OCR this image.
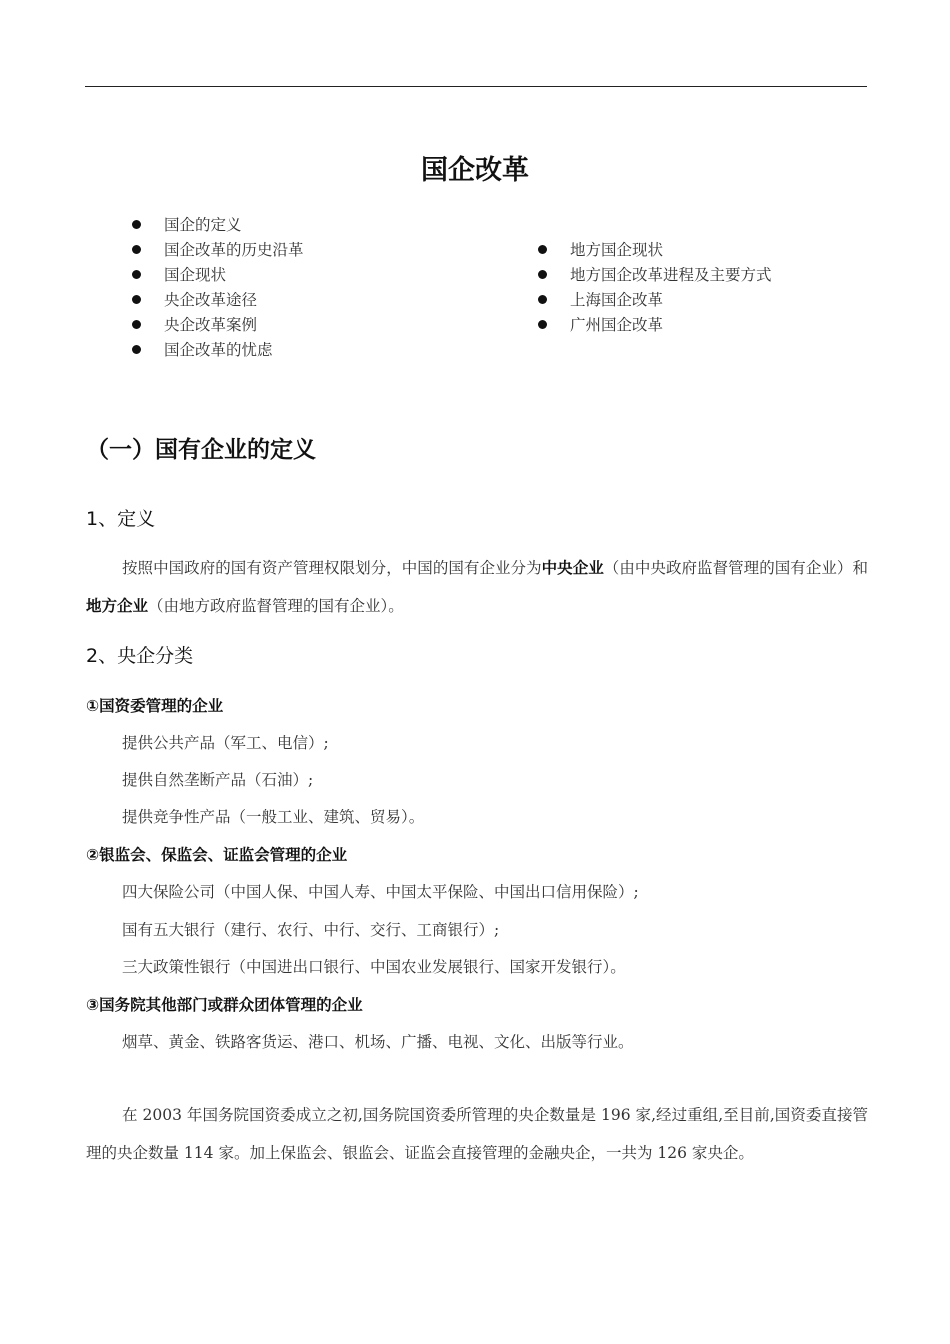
国企改革
国企的定义
国企改革的历史沿革
国企现状
央企改革途径
央企改革案例
国企改革的忧虑
地方国企现状
地方国企改革进程及主要方式
上海国企改革
广州国企改革
（一）国有企业的定义
1、定义

按照中国政府的国有资产管理权限划分，中国的国有企业分为中央企业（由中央政府监督管理的国有企业）和地方企业（由地方政府监督管理的国有企业）。

2、央企分类
①国资委管理的企业
提供公共产品（军工、电信）;
提供自然垄断产品（石油）;
提供竞争性产品（一般工业、建筑、贸易）。
②银监会、保监会、证监会管理的企业
四大保险公司（中国人保、中国人寿、中国太平保险、中国出口信用保险）;
国有五大银行（建行、农行、中行、交行、工商银行）;
三大政策性银行（中国进出口银行、中国农业发展银行、国家开发银行）。
③国务院其他部门或群众团体管理的企业
烟草、黄金、铁路客货运、港口、机场、广播、电视、文化、出版等行业。

在 2003 年国务院国资委成立之初,国务院国资委所管理的央企数量是 196 家,经过重组,至目前,国资委直接管理的央企数量 114 家。加上保监会、银监会、证监会直接管理的金融央企，一共为 126 家央企。
